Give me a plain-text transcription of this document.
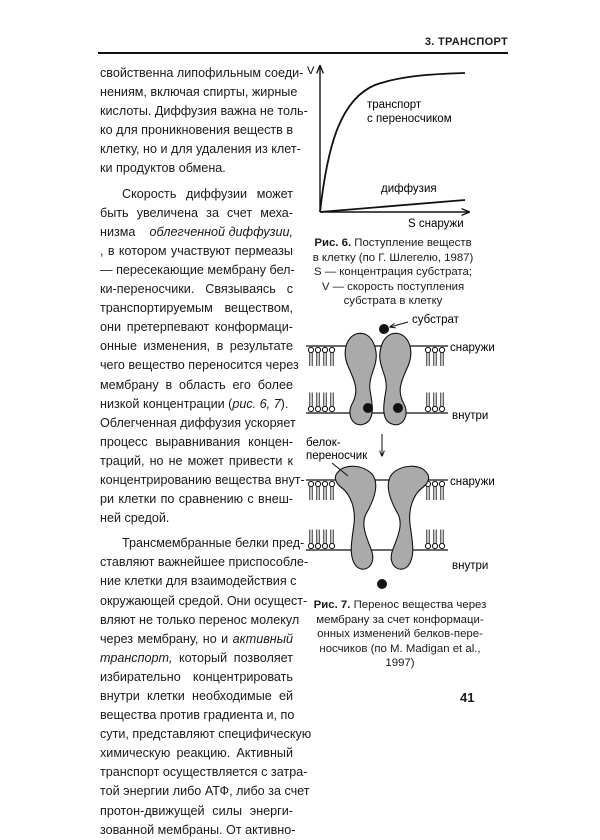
3. ТРАНСПОРТ
свойственна липофильным соеди-
нениям, включая спирты, жирные
кислоты. Диффузия важна не толь-
ко для проникновения веществ в
клетку, но и для удаления из клет-
ки продуктов обмена.
Скорость диффузии может
быть увеличена за счет меха-
низма облегченной диффузии,
, в котором участвуют пермеазы
— пересекающие мембрану бел-
ки-переносчики. Связываясь с
транспортируемым веществом,
они претерпевают конформаци-
онные изменения, в результате
чего вещество переносится через
мембрану в область его более
низкой концентрации (рис. 6, 7).
Облегченная диффузия ускоряет
процесс выравнивания концен-
траций, но не может привести к
концентрированию вещества внут-
ри клетки по сравнению с внеш-
ней средой.
Трансмембранные белки пред-
ставляют важнейшее приспособле-
ние клетки для взаимодействия с
окружающей средой. Они осущест-
вляют не только перенос молекул
через мембрану, но и активный
транспорт, который позволяет
избирательно концентрировать
внутри клетки необходимые ей
вещества против градиента и, по
сути, представляют специфическую
химическую реакцию. Активный
транспорт осуществляется с затра-
той энергии либо АТФ, либо за счет
протон-движущей силы энерги-
зованной мембраны. От активно-
V
транспорт
с переносчиком
диффузия
S снаружи
Рис. 6. Поступление веществ
в клетку (по Г. Шлегелю, 1987)
S — концентрация субстрата;
V — скорость поступления
субстрата в клетку
субстрат
снаружи
внутри
белок-
переносчик
снаружи
внутри
Рис. 7. Перенос вещества через
мембрану за счет конформаци-
онных изменений белков-пере-
носчиков (по M. Madigan et al.,
1997)
41
